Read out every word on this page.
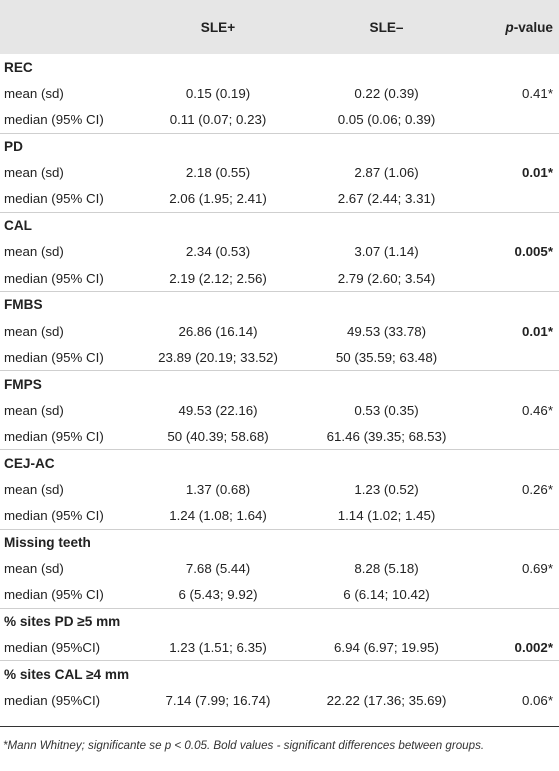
	SLE+	SLE–	p-value
REC			
mean (sd)	0.15 (0.19)	0.22 (0.39)	0.41*
median (95% CI)	0.11 (0.07; 0.23)	0.05 (0.06; 0.39)	
PD			
mean (sd)	2.18 (0.55)	2.87 (1.06)	0.01*
median (95% CI)	2.06 (1.95; 2.41)	2.67 (2.44; 3.31)	
CAL			
mean (sd)	2.34 (0.53)	3.07 (1.14)	0.005*
median (95% CI)	2.19 (2.12; 2.56)	2.79 (2.60; 3.54)	
FMBS			
mean (sd)	26.86 (16.14)	49.53 (33.78)	0.01*
median (95% CI)	23.89 (20.19; 33.52)	50 (35.59; 63.48)	
FMPS			
mean (sd)	49.53 (22.16)	0.53 (0.35)	0.46*
median (95% CI)	50 (40.39; 58.68)	61.46 (39.35; 68.53)	
CEJ-AC			
mean (sd)	1.37 (0.68)	1.23 (0.52)	0.26*
median (95% CI)	1.24 (1.08; 1.64)	1.14 (1.02; 1.45)	
Missing teeth			
mean (sd)	7.68 (5.44)	8.28 (5.18)	0.69*
median (95% CI)	6 (5.43; 9.92)	6 (6.14; 10.42)	
% sites PD ≥5 mm			
median (95%CI)	1.23 (1.51; 6.35)	6.94 (6.97; 19.95)	0.002*
% sites CAL ≥4 mm			
median (95%CI)	7.14 (7.99; 16.74)	22.22 (17.36; 35.69)	0.06*
*Mann Whitney; significante se p < 0.05. Bold values - significant differences between groups.
